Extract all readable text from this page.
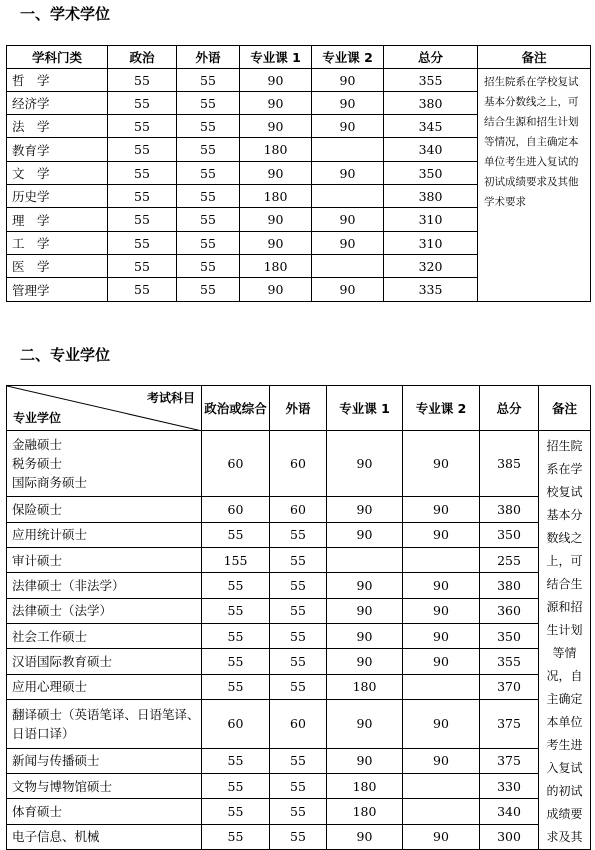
一、学术学位
学科门类	政治	外语	专业课 1	专业课 2	总分	备注
哲　学	55	55	90	90	355	招生院系在学校复试基本分数线之上，可结合生源和招生计划等情况，自主确定本单位考生进入复试的初试成绩要求及其他学术要求
经济学	55	55	90	90	380	
法　学	55	55	90	90	345	
教育学	55	55	180		340	
文　学	55	55	90	90	350	
历史学	55	55	180		380	
理　学	55	55	90	90	310	
工　学	55	55	90	90	310	
医　学	55	55	180		320	
管理学	55	55	90	90	335	
二、专业学位
考试科目
专业学位	政治或综合	外语	专业课 1	专业课 2	总分	备注

金融硕士
税务硕士
国际商务硕士	60	60	90	90	385	招生院系在学校复试基本分数线之上，可结合生源和招生计划等情况，自主确定本单位考生进入复试的初试成绩要求及其

保险硕士	60	60	90	90	380	

应用统计硕士	55	55	90	90	350	

审计硕士	155	55			255	

法律硕士（非法学）	55	55	90	90	380	

法律硕士（法学）	55	55	90	90	360	

社会工作硕士	55	55	90	90	350	

汉语国际教育硕士	55	55	90	90	355	

应用心理硕士	55	55	180		370	

翻译硕士（英语笔译、日语笔译、日语口译）	60	60	90	90	375	

新闻与传播硕士	55	55	90	90	375	

文物与博物馆硕士	55	55	180		330	

体育硕士	55	55	180		340	

电子信息、机械	55	55	90	90	300	
